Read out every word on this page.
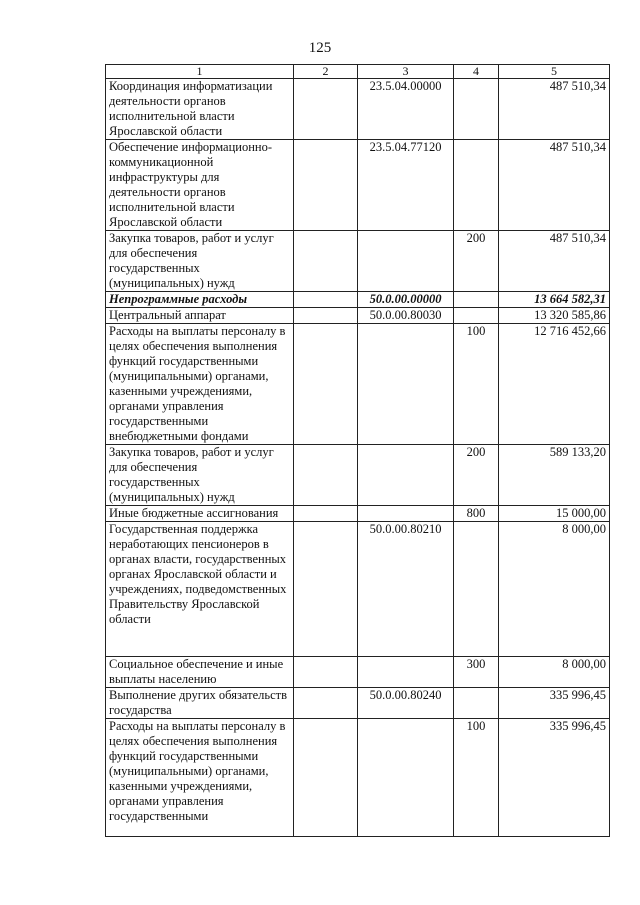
125
1	2	3	4	5
Координация информатизации деятельности органов исполнительной власти Ярославской области		23.5.04.00000		487 510,34
Обеспечение информационно-коммуникационной инфраструктуры для деятельности органов исполнительной власти Ярославской области		23.5.04.77120		487 510,34
Закупка товаров, работ и услуг для обеспечения государственных (муниципальных) нужд			200	487 510,34
Непрограммные расходы		50.0.00.00000		13 664 582,31
Центральный аппарат		50.0.00.80030		13 320 585,86
Расходы на выплаты персоналу в целях обеспечения выполнения функций государственными (муниципальными) органами, казенными учреждениями, органами управления государственными внебюджетными фондами			100	12 716 452,66
Закупка товаров, работ и услуг для обеспечения государственных (муниципальных) нужд			200	589 133,20
Иные бюджетные ассигнования			800	15 000,00
Государственная поддержка неработающих пенсионеров в органах власти, государственных органах Ярославской области и учреждениях, подведомственных Правительству Ярославской области		50.0.00.80210		8 000,00
Социальное обеспечение и иные выплаты населению			300	8 000,00
Выполнение других обязательств государства		50.0.00.80240		335 996,45
Расходы на выплаты персоналу в целях обеспечения выполнения функций государственными (муниципальными) органами, казенными учреждениями, органами управления государственными			100	335 996,45
